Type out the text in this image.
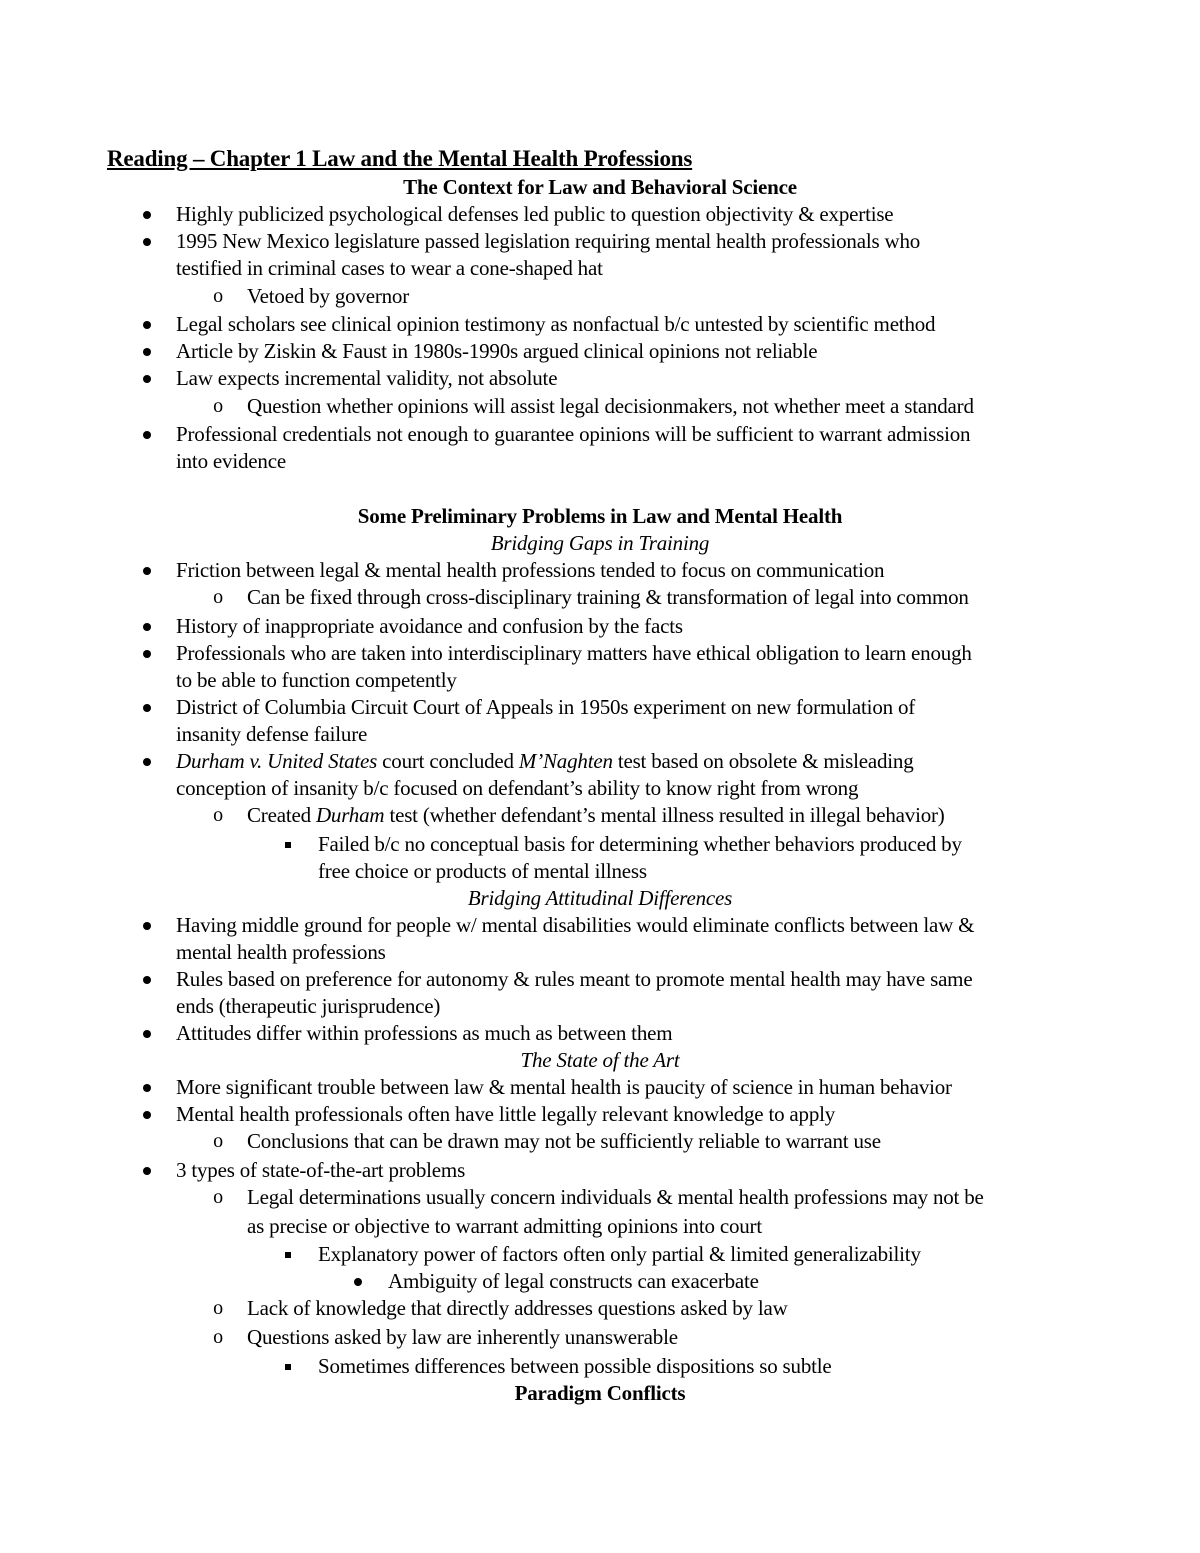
Reading – Chapter 1 Law and the Mental Health Professions
The Context for Law and Behavioral Science
Highly publicized psychological defenses led public to question objectivity & expertise
1995 New Mexico legislature passed legislation requiring mental health professionals who
testified in criminal cases to wear a cone-shaped hat
o	Vetoed by governor
Legal scholars see clinical opinion testimony as nonfactual b/c untested by scientific method
Article by Ziskin & Faust in 1980s-1990s argued clinical opinions not reliable
Law expects incremental validity, not absolute
o	Question whether opinions will assist legal decisionmakers, not whether meet a standard
Professional credentials not enough to guarantee opinions will be sufficient to warrant admission
into evidence
Some Preliminary Problems in Law and Mental Health
Bridging Gaps in Training
Friction between legal & mental health professions tended to focus on communication
o	Can be fixed through cross-disciplinary training & transformation of legal into common
History of inappropriate avoidance and confusion by the facts
Professionals who are taken into interdisciplinary matters have ethical obligation to learn enough
to be able to function competently
District of Columbia Circuit Court of Appeals in 1950s experiment on new formulation of
insanity defense failure
Durham v. United States court concluded M’Naghten test based on obsolete & misleading
conception of insanity b/c focused on defendant’s ability to know right from wrong
o	Created Durham test (whether defendant’s mental illness resulted in illegal behavior)
Failed b/c no conceptual basis for determining whether behaviors produced by
free choice or products of mental illness
Bridging Attitudinal Differences
Having middle ground for people w/ mental disabilities would eliminate conflicts between law &
mental health professions
Rules based on preference for autonomy & rules meant to promote mental health may have same
ends (therapeutic jurisprudence)
Attitudes differ within professions as much as between them
The State of the Art
More significant trouble between law & mental health is paucity of science in human behavior
Mental health professionals often have little legally relevant knowledge to apply
o	Conclusions that can be drawn may not be sufficiently reliable to warrant use
3 types of state-of-the-art problems
o	Legal determinations usually concern individuals & mental health professions may not be
as precise or objective to warrant admitting opinions into court
Explanatory power of factors often only partial & limited generalizability
Ambiguity of legal constructs can exacerbate
o	Lack of knowledge that directly addresses questions asked by law
o	Questions asked by law are inherently unanswerable
Sometimes differences between possible dispositions so subtle
Paradigm Conflicts
